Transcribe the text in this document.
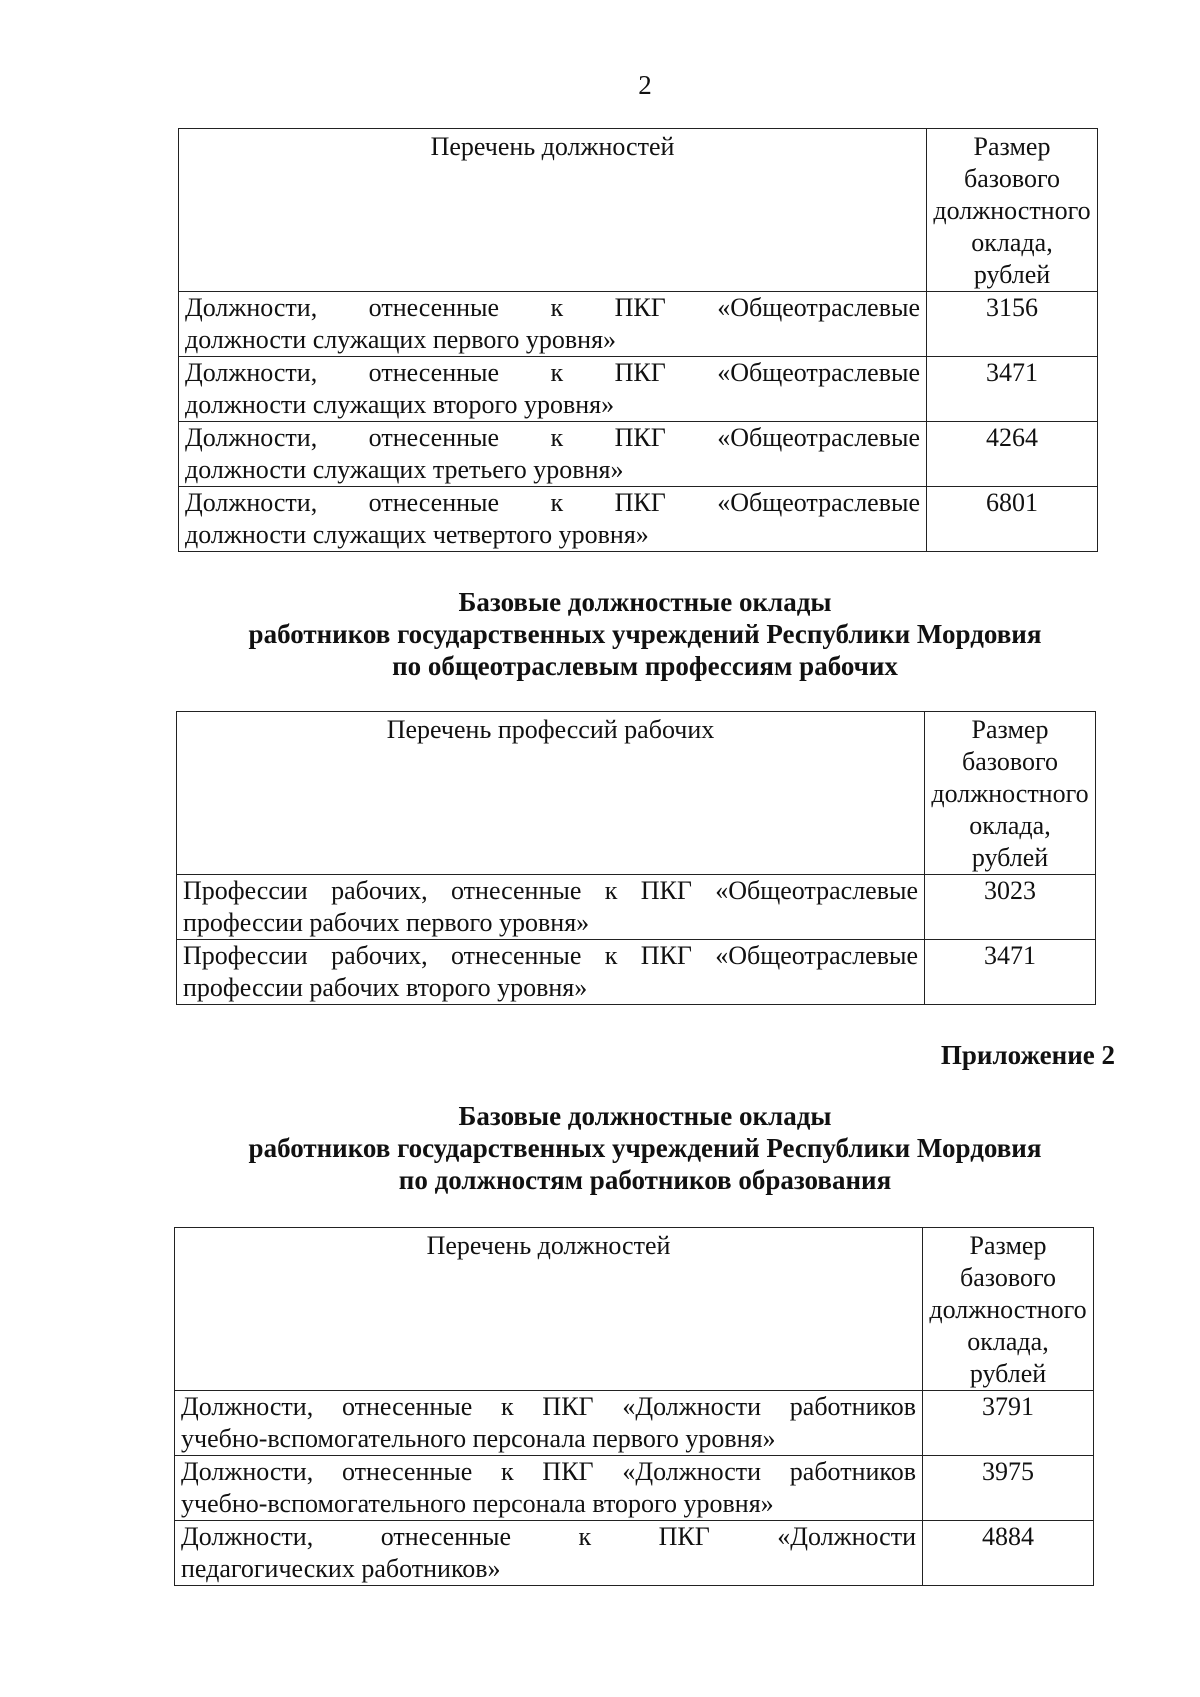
2
Перечень должностей	Размер
базового
должностного
оклада,
рублей

Должности, отнесенные к ПКГ «Общеотраслевые
должности служащих первого уровня»	3156

Должности, отнесенные к ПКГ «Общеотраслевые
должности служащих второго уровня»	3471

Должности, отнесенные к ПКГ «Общеотраслевые
должности служащих третьего уровня»	4264

Должности, отнесенные к ПКГ «Общеотраслевые
должности служащих четвертого уровня»	6801
Базовые должностные оклады
работников государственных учреждений Республики Мордовия
по общеотраслевым профессиям рабочих
Перечень профессий рабочих	Размер
базового
должностного
оклада,
рублей

Профессии рабочих, отнесенные к ПКГ «Общеотраслевые
профессии рабочих первого уровня»	3023

Профессии рабочих, отнесенные к ПКГ «Общеотраслевые
профессии рабочих второго уровня»	3471
Приложение 2
Базовые должностные оклады
работников государственных учреждений Республики Мордовия
по должностям работников образования
Перечень должностей	Размер
базового
должностного
оклада,
рублей

Должности, отнесенные к ПКГ «Должности работников
учебно-вспомогательного персонала первого уровня»	3791

Должности, отнесенные к ПКГ «Должности работников
учебно-вспомогательного персонала второго уровня»	3975

Должности, отнесенные к ПКГ «Должности
педагогических работников»	4884
